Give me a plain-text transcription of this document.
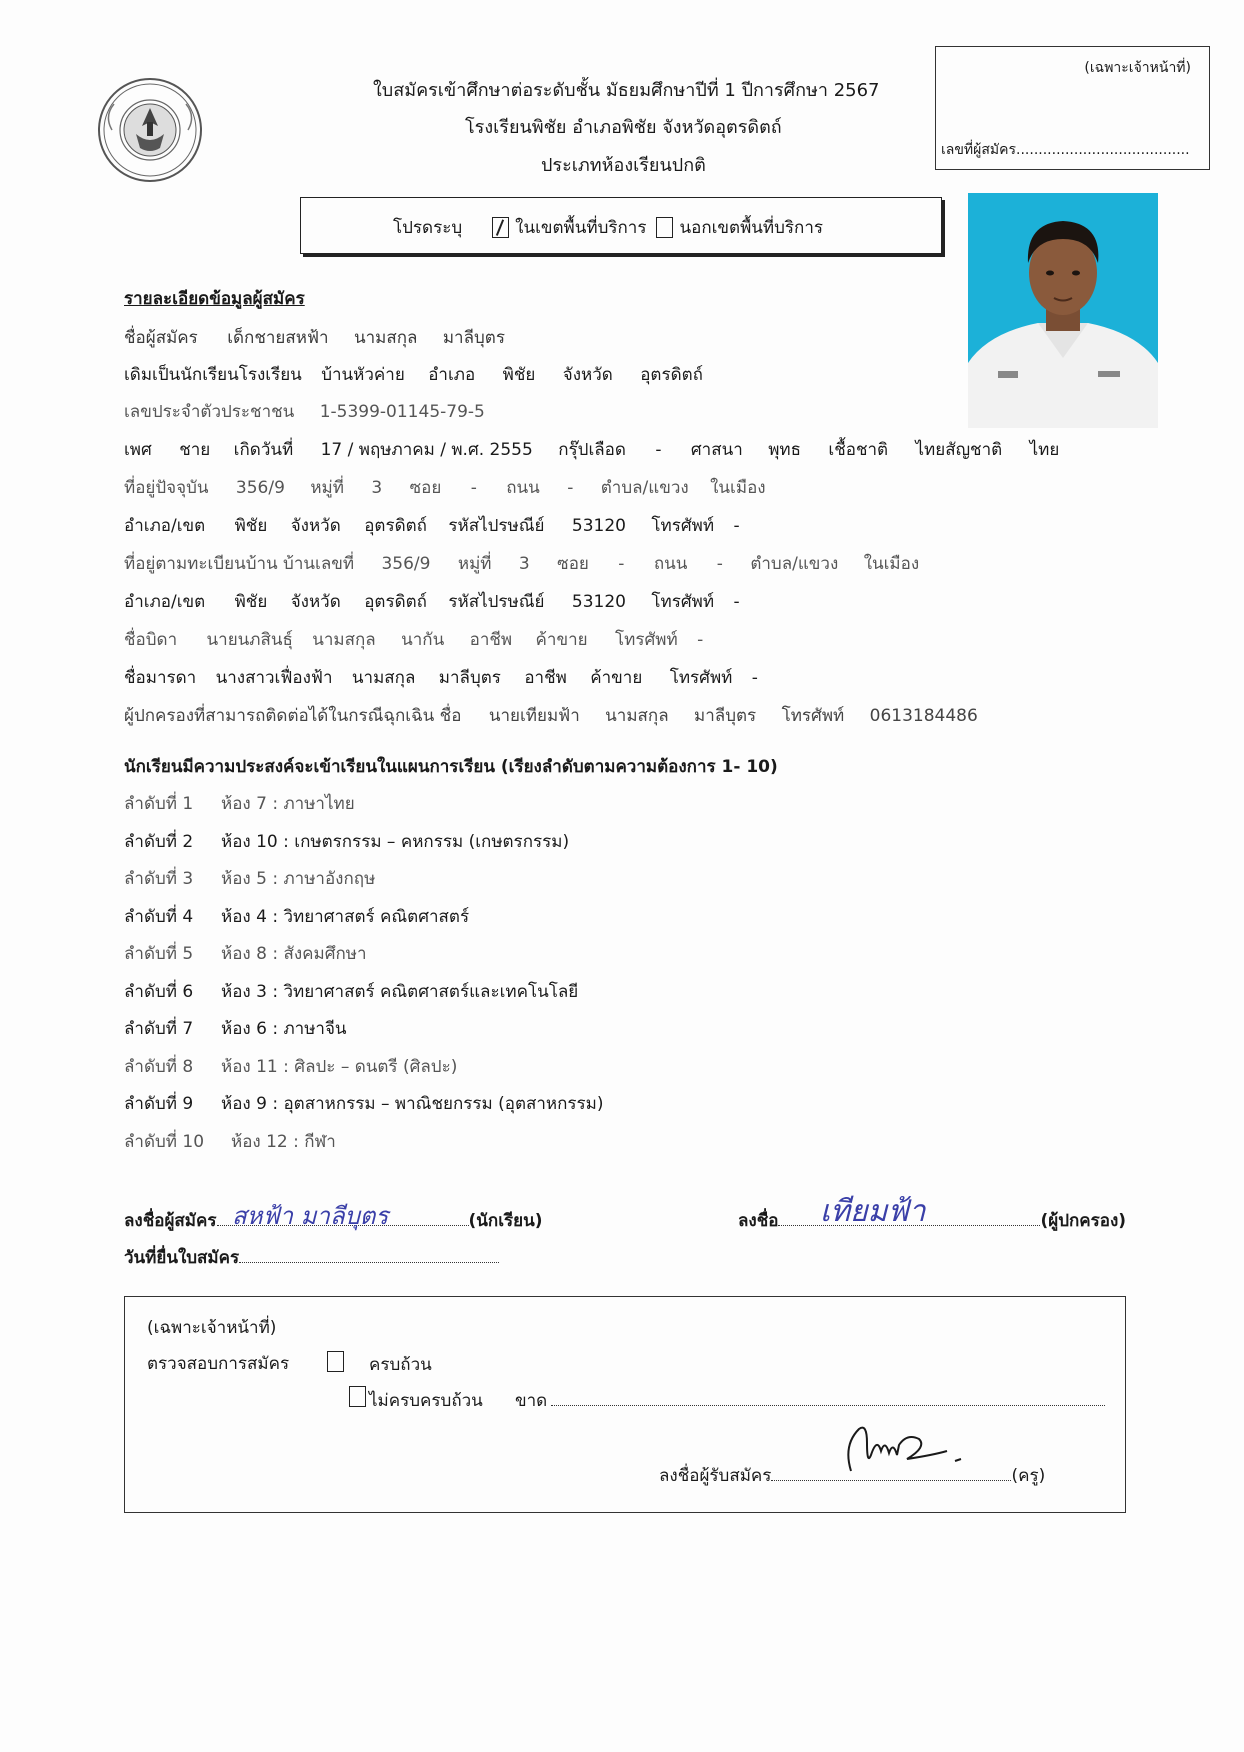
ใบสมัครเข้าศึกษาต่อระดับชั้น มัธยมศึกษาปีที่ 1 ปีการศึกษา 2567
โรงเรียนพิชัย อำเภอพิชัย จังหวัดอุตรดิตถ์
ประเภทห้องเรียนปกติ
(เฉพาะเจ้าหน้าที่)
เลขที่ผู้สมัคร.......................................
โปรดระบุ	ในเขตพื้นที่บริการ นอกเขตพื้นที่บริการ
รายละเอียดข้อมูลผู้สมัคร
ชื่อผู้สมัคร เด็กชายสหฟ้า นามสกุล มาลีบุตร
เดิมเป็นนักเรียนโรงเรียน บ้านหัวค่าย อำเภอ พิชัย จังหวัด อุตรดิตถ์
เลขประจำตัวประชาชน 1-5399-01145-79-5
เพศ ชาย เกิดวันที่ 17 / พฤษภาคม / พ.ศ. 2555 กรุ๊ปเลือด - ศาสนา พุทธ เชื้อชาติ ไทยสัญชาติ ไทย
ที่อยู่ปัจจุบัน 356/9 หมู่ที่ 3 ซอย - ถนน - ตำบล/แขวง ในเมือง
อำเภอ/เขต พิชัย จังหวัด อุตรดิตถ์ รหัสไปรษณีย์ 53120 โทรศัพท์ -
ที่อยู่ตามทะเบียนบ้าน บ้านเลขที่ 356/9 หมู่ที่ 3 ซอย - ถนน - ตำบล/แขวง ในเมือง
อำเภอ/เขต พิชัย จังหวัด อุตรดิตถ์ รหัสไปรษณีย์ 53120 โทรศัพท์ -
ชื่อบิดา นายนภสินธุ์ นามสกุล นากัน อาชีพ ค้าขาย โทรศัพท์ -
ชื่อมารดา นางสาวเฟื่องฟ้า นามสกุล มาลีบุตร อาชีพ ค้าขาย โทรศัพท์ -
ผู้ปกครองที่สามารถติดต่อได้ในกรณีฉุกเฉิน ชื่อ นายเทียมฟ้า นามสกุล มาลีบุตร โทรศัพท์ 0613184486
นักเรียนมีความประสงค์จะเข้าเรียนในแผนการเรียน (เรียงลำดับตามความต้องการ 1- 10)
ลำดับที่ 1 ห้อง 7 : ภาษาไทย
ลำดับที่ 2 ห้อง 10 : เกษตรกรรม – คหกรรม (เกษตรกรรม)
ลำดับที่ 3 ห้อง 5 : ภาษาอังกฤษ
ลำดับที่ 4 ห้อง 4 : วิทยาศาสตร์ คณิตศาสตร์
ลำดับที่ 5 ห้อง 8 : สังคมศึกษา
ลำดับที่ 6 ห้อง 3 : วิทยาศาสตร์ คณิตศาสตร์และเทคโนโลยี
ลำดับที่ 7 ห้อง 6 : ภาษาจีน
ลำดับที่ 8 ห้อง 11 : ศิลปะ – ดนตรี (ศิลปะ)
ลำดับที่ 9 ห้อง 9 : อุตสาหกรรม – พาณิชยกรรม (อุตสาหกรรม)
ลำดับที่ 10 ห้อง 12 : กีฬา
ลงชื่อผู้สมัคร	(นักเรียน)
สหฟ้า มาลีบุตร	ลงชื่อ	(ผู้ปกครอง)
เทียมฟ้า
วันที่ยื่นใบสมัคร
(เฉพาะเจ้าหน้าที่)
ตรวจสอบการสมัคร
	ครบถ้วน
ไม่ครบครบถ้วน ขาด
ลงชื่อผู้รับสมัคร	(ครู)
